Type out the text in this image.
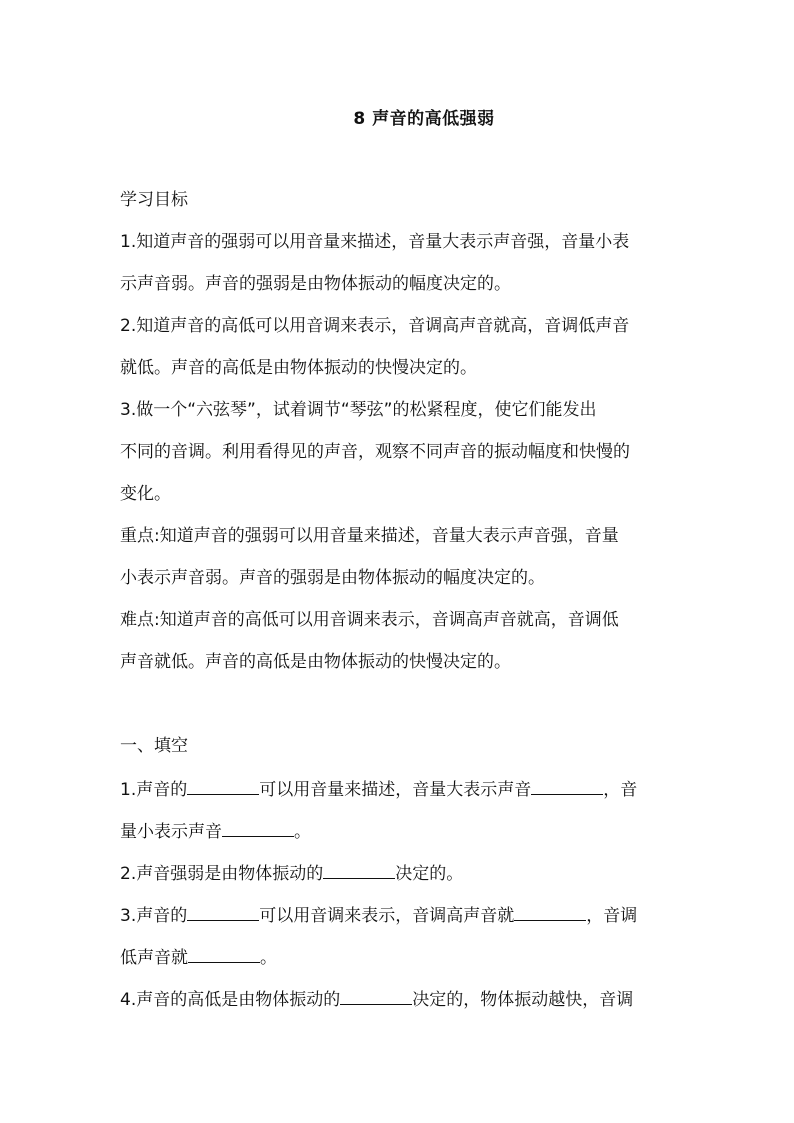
8 声音的高低强弱
学习目标
1.知道声音的强弱可以用音量来描述，音量大表示声音强，音量小表
示声音弱。声音的强弱是由物体振动的幅度决定的。
2.知道声音的高低可以用音调来表示，音调高声音就高，音调低声音
就低。声音的高低是由物体振动的快慢决定的。
3.做一个“六弦琴”，试着调节“琴弦”的松紧程度，使它们能发出
不同的音调。利用看得见的声音，观察不同声音的振动幅度和快慢的
变化。
重点:知道声音的强弱可以用音量来描述，音量大表示声音强，音量
小表示声音弱。声音的强弱是由物体振动的幅度决定的。
难点:知道声音的高低可以用音调来表示，音调高声音就高，音调低
声音就低。声音的高低是由物体振动的快慢决定的。
一、填空
1.声音的	可以用音量来描述，音量大表示声音	，音
量小表示声音	。
2.声音强弱是由物体振动的	决定的。
3.声音的	可以用音调来表示，音调高声音就	，音调
低声音就	。
4.声音的高低是由物体振动的	决定的，物体振动越快，音调
